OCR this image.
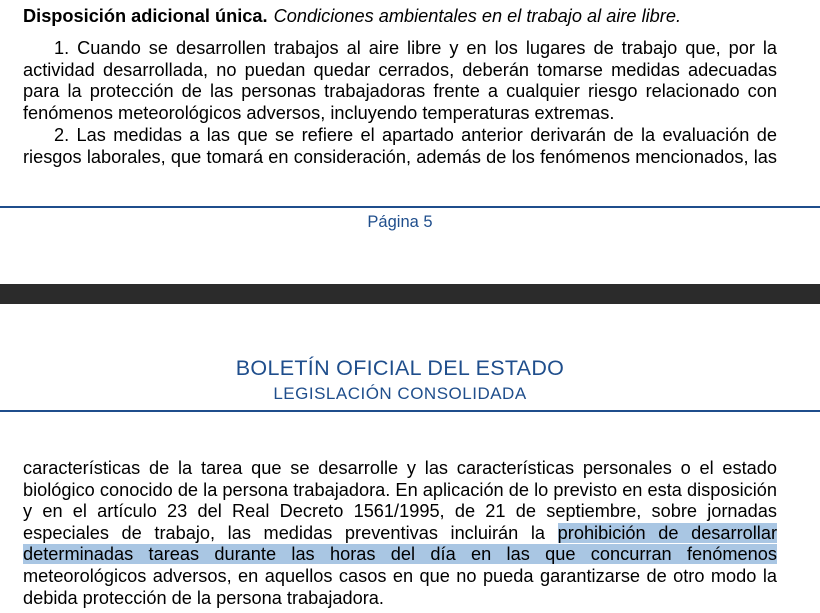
Disposición adicional única. Condiciones ambientales en el trabajo al aire libre.

1. Cuando se desarrollen trabajos al aire libre y en los lugares de trabajo que, por la actividad desarrollada, no puedan quedar cerrados, deberán tomarse medidas adecuadas para la protección de las personas trabajadoras frente a cualquier riesgo relacionado con fenómenos meteorológicos adversos, incluyendo temperaturas extremas.

2. Las medidas a las que se refiere el apartado anterior derivarán de la evaluación de riesgos laborales, que tomará en consideración, además de los fenómenos mencionados, las

Página 5
BOLETÍN OFICIAL DEL ESTADO
LEGISLACIÓN CONSOLIDADA

características de la tarea que se desarrolle y las características personales o el estado biológico conocido de la persona trabajadora. En aplicación de lo previsto en esta disposición y en el artículo 23 del Real Decreto 1561/1995, de 21 de septiembre, sobre jornadas especiales de trabajo, las medidas preventivas incluirán la prohibición de desarrollar determinadas tareas durante las horas del día en las que concurran fenómenos meteorológicos adversos, en aquellos casos en que no pueda garantizarse de otro modo la debida protección de la persona trabajadora.
